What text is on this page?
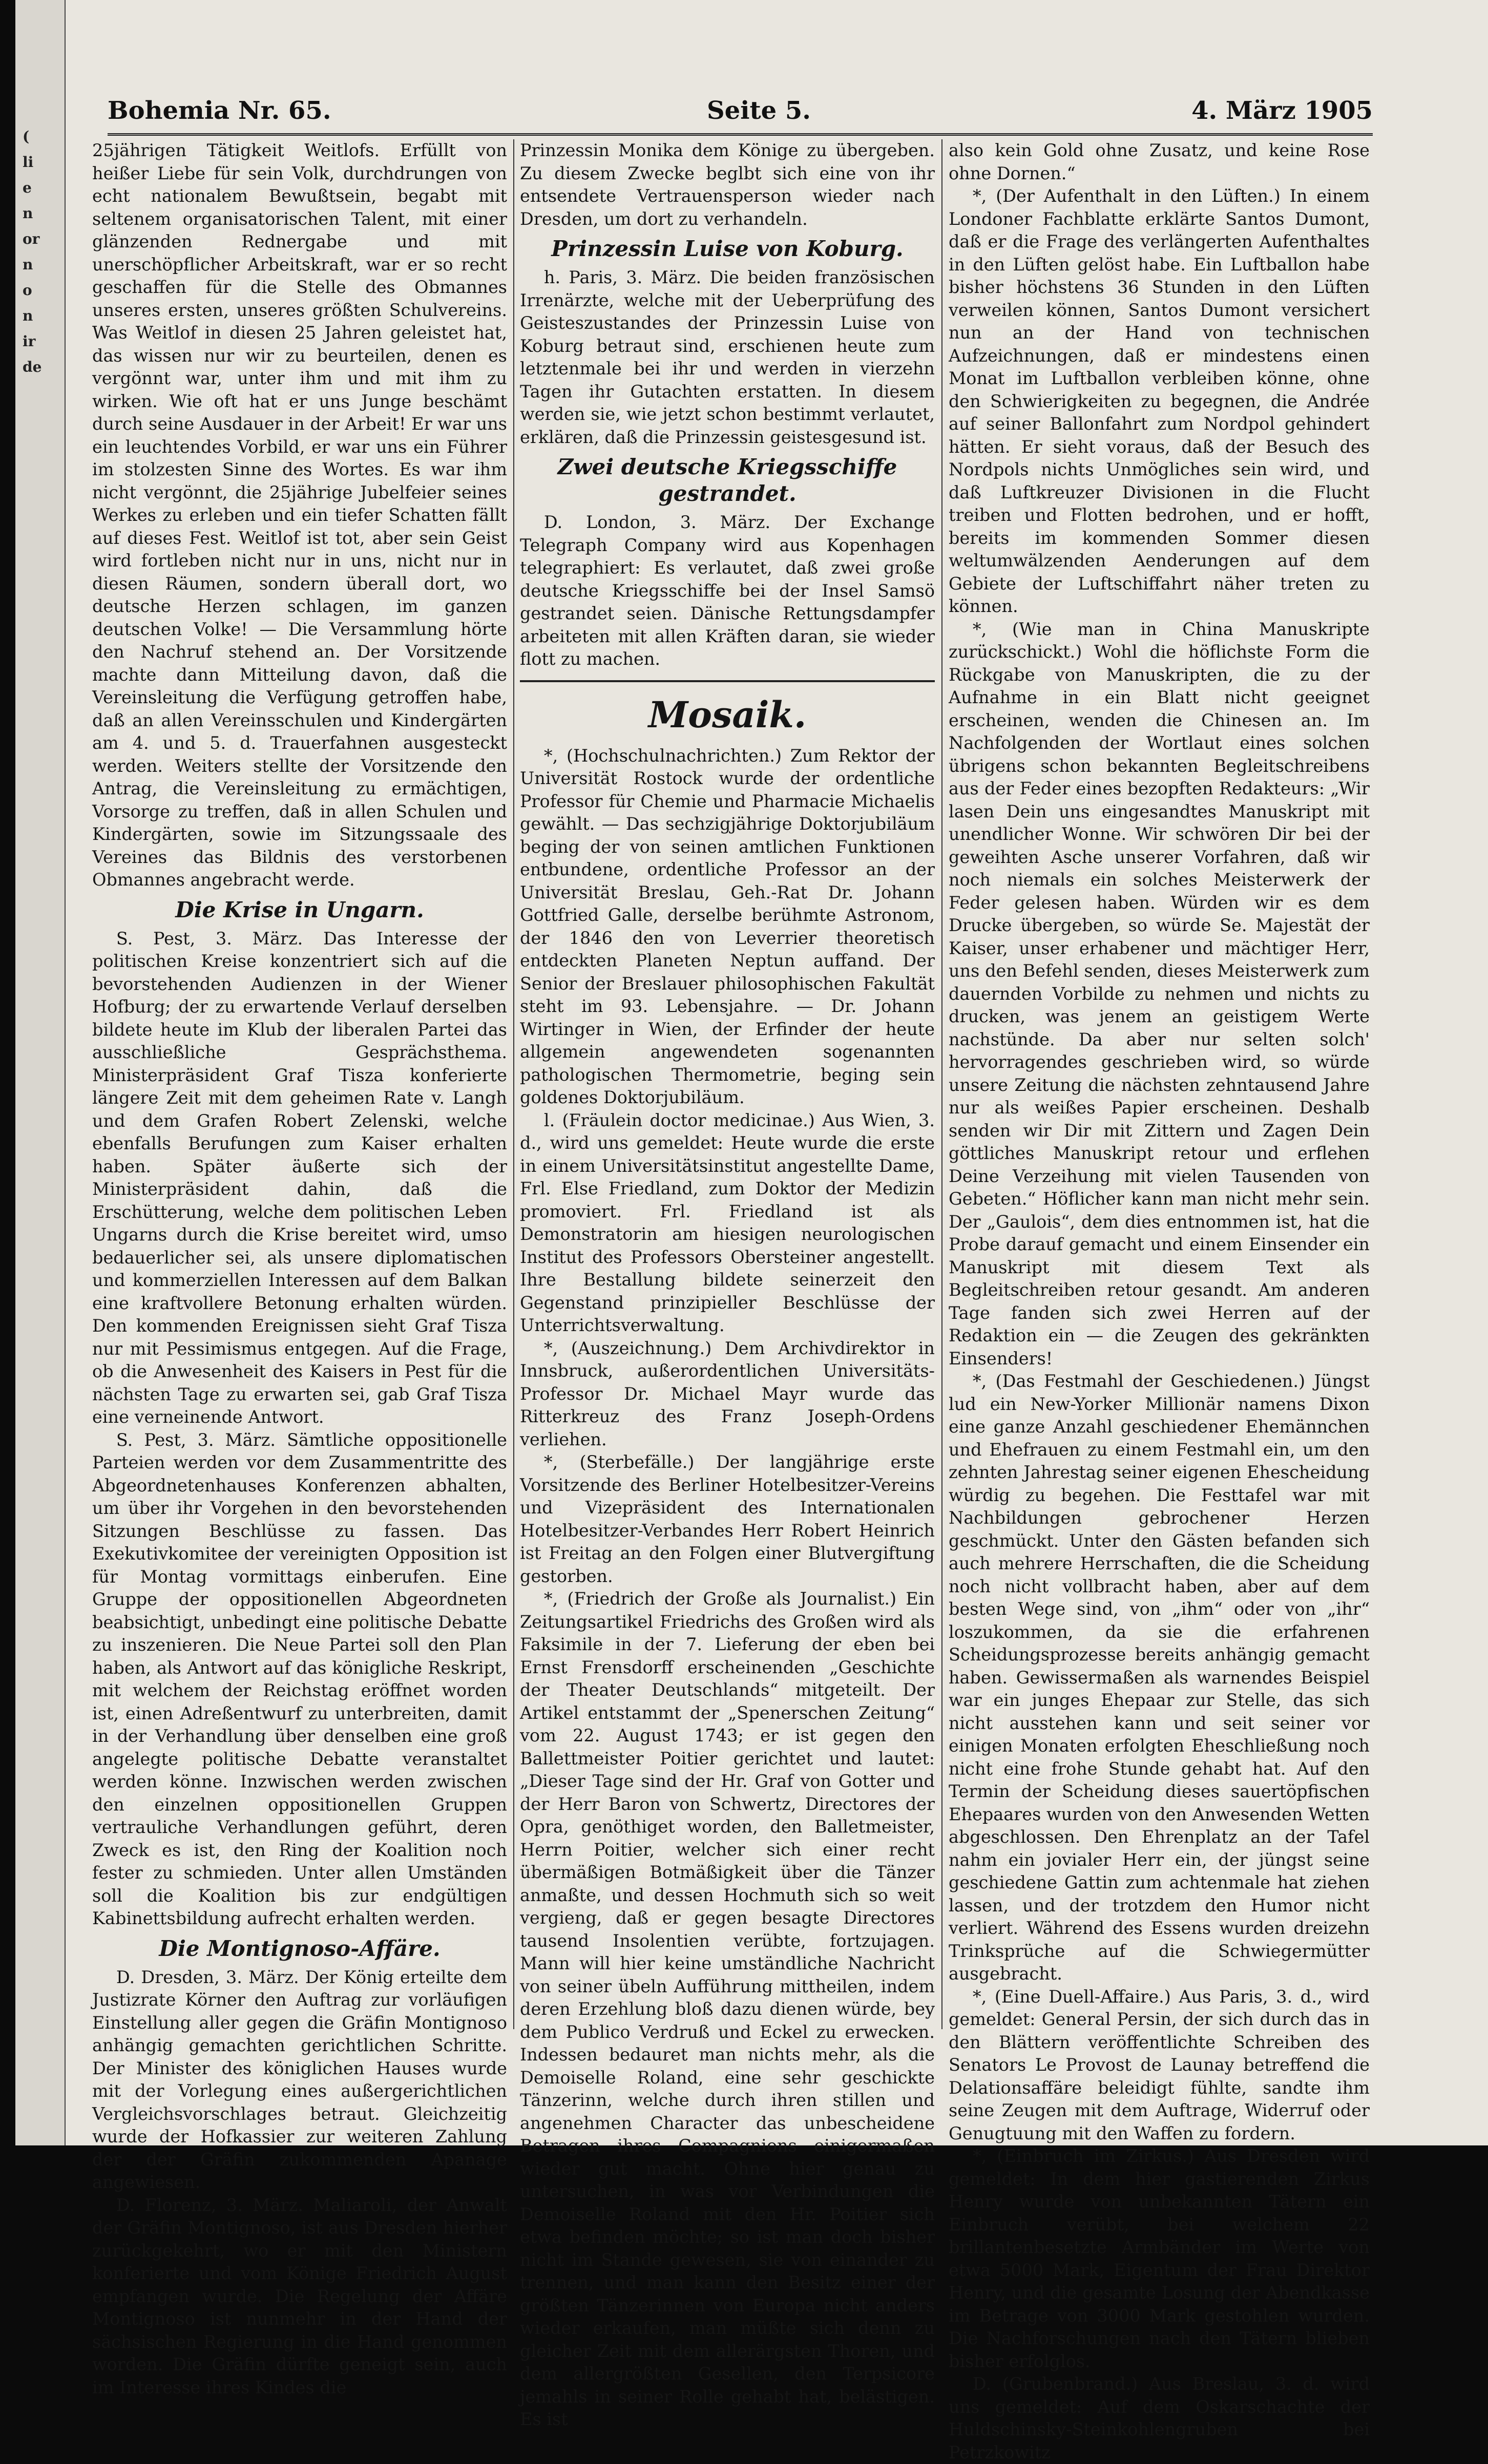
(
li
e
n
or
n
o
n
ir
de
Bohemia Nr. 65.	Seite 5.	4. März 1905

25jährigen Tätigkeit Weitlofs. Erfüllt von heißer Liebe für sein Volk, durchdrungen von echt nationalem Bewußtsein, begabt mit seltenem organisatorischen Talent, mit einer glänzenden Rednergabe und mit unerschöpflicher Arbeitskraft, war er so recht geschaffen für die Stelle des Obmannes unseres ersten, unseres größten Schulvereins. Was Weitlof in diesen 25 Jahren geleistet hat, das wissen nur wir zu beurteilen, denen es vergönnt war, unter ihm und mit ihm zu wirken. Wie oft hat er uns Junge beschämt durch seine Ausdauer in der Arbeit! Er war uns ein leuchtendes Vorbild, er war uns ein Führer im stolzesten Sinne des Wortes. Es war ihm nicht vergönnt, die 25jährige Jubelfeier seines Werkes zu erleben und ein tiefer Schatten fällt auf dieses Fest. Weitlof ist tot, aber sein Geist wird fortleben nicht nur in uns, nicht nur in diesen Räumen, sondern überall dort, wo deutsche Herzen schlagen, im ganzen deutschen Volke! — Die Versammlung hörte den Nachruf stehend an. Der Vorsitzende machte dann Mitteilung davon, daß die Vereinsleitung die Verfügung getroffen habe, daß an allen Vereinsschulen und Kindergärten am 4. und 5. d. Trauerfahnen ausgesteckt werden. Weiters stellte der Vorsitzende den Antrag, die Vereinsleitung zu ermächtigen, Vorsorge zu treffen, daß in allen Schulen und Kindergärten, sowie im Sitzungssaale des Vereines das Bildnis des verstorbenen Obmannes angebracht werde.

Die Krise in Ungarn.

S. Pest, 3. März. Das Interesse der politischen Kreise konzentriert sich auf die bevorstehenden Audienzen in der Wiener Hofburg; der zu erwartende Verlauf derselben bildete heute im Klub der liberalen Partei das ausschließliche Gesprächsthema. Ministerpräsident Graf Tisza konferierte längere Zeit mit dem geheimen Rate v. Langh und dem Grafen Robert Zelenski, welche ebenfalls Berufungen zum Kaiser erhalten haben. Später äußerte sich der Ministerpräsident dahin, daß die Erschütterung, welche dem politischen Leben Ungarns durch die Krise bereitet wird, umso bedauerlicher sei, als unsere diplomatischen und kommerziellen Interessen auf dem Balkan eine kraftvollere Betonung erhalten würden. Den kommenden Ereignissen sieht Graf Tisza nur mit Pessimismus entgegen. Auf die Frage, ob die Anwesenheit des Kaisers in Pest für die nächsten Tage zu erwarten sei, gab Graf Tisza eine verneinende Antwort.

S. Pest, 3. März. Sämtliche oppositionelle Parteien werden vor dem Zusammentritte des Abgeordnetenhauses Konferenzen abhalten, um über ihr Vorgehen in den bevorstehenden Sitzungen Beschlüsse zu fassen. Das Exekutivkomitee der vereinigten Opposition ist für Montag vormittags einberufen. Eine Gruppe der oppositionellen Abgeordneten beabsichtigt, unbedingt eine politische Debatte zu inszenieren. Die Neue Partei soll den Plan haben, als Antwort auf das königliche Reskript, mit welchem der Reichstag eröffnet worden ist, einen Adreßentwurf zu unterbreiten, damit in der Verhandlung über denselben eine groß angelegte politische Debatte veranstaltet werden könne. Inzwischen werden zwischen den einzelnen oppositionellen Gruppen vertrauliche Verhandlungen geführt, deren Zweck es ist, den Ring der Koalition noch fester zu schmieden. Unter allen Umständen soll die Koalition bis zur endgültigen Kabinettsbildung aufrecht erhalten werden.

Die Montignoso-Affäre.

D. Dresden, 3. März. Der König erteilte dem Justizrate Körner den Auftrag zur vorläufigen Einstellung aller gegen die Gräfin Montignoso anhängig gemachten gerichtlichen Schritte. Der Minister des königlichen Hauses wurde mit der Vorlegung eines außergerichtlichen Vergleichsvorschlages betraut. Gleichzeitig wurde der Hofkassier zur weiteren Zahlung der der Gräfin zukommenden Apanage angewiesen.

D. Florenz, 3. März. Maliaroli, der Anwalt der Gräfin Montignoso, ist aus Dresden hierher zurückgekehrt, wo er mit den Ministern konferierte und vom Könige Friedrich August empfangen wurde. Die Regelung der Affäre Montignoso ist nunmehr in der Hand der sächsischen Regierung in die Hand genommen worden. Die Gräfin dürfte geneigt sein, auch im Interesse ihres Kindes die

Prinzessin Monika dem Könige zu übergeben. Zu diesem Zwecke beglbt sich eine von ihr entsendete Vertrauensperson wieder nach Dresden, um dort zu verhandeln.

Prinzessin Luise von Koburg.

h. Paris, 3. März. Die beiden französischen Irrenärzte, welche mit der Ueberprüfung des Geisteszustandes der Prinzessin Luise von Koburg betraut sind, erschienen heute zum letztenmale bei ihr und werden in vierzehn Tagen ihr Gutachten erstatten. In diesem werden sie, wie jetzt schon bestimmt verlautet, erklären, daß die Prinzessin geistesgesund ist.

Zwei deutsche Kriegsschiffe gestrandet.

D. London, 3. März. Der Exchange Telegraph Company wird aus Kopenhagen telegraphiert: Es verlautet, daß zwei große deutsche Kriegsschiffe bei der Insel Samsö gestrandet seien. Dänische Rettungsdampfer arbeiteten mit allen Kräften daran, sie wieder flott zu machen.

Mosaik.

*, (Hochschulnachrichten.) Zum Rektor der Universität Rostock wurde der ordentliche Professor für Chemie und Pharmacie Michaelis gewählt. — Das sechzigjährige Doktorjubiläum beging der von seinen amtlichen Funktionen entbundene, ordentliche Professor an der Universität Breslau, Geh.-Rat Dr. Johann Gottfried Galle, derselbe berühmte Astronom, der 1846 den von Leverrier theoretisch entdeckten Planeten Neptun auffand. Der Senior der Breslauer philosophischen Fakultät steht im 93. Lebensjahre. — Dr. Johann Wirtinger in Wien, der Erfinder der heute allgemein angewendeten sogenannten pathologischen Thermometrie, beging sein goldenes Doktorjubiläum.

l. (Fräulein doctor medicinae.) Aus Wien, 3. d., wird uns gemeldet: Heute wurde die erste in einem Universitätsinstitut angestellte Dame, Frl. Else Friedland, zum Doktor der Medizin promoviert. Frl. Friedland ist als Demonstratorin am hiesigen neurologischen Institut des Professors Obersteiner angestellt. Ihre Bestallung bildete seinerzeit den Gegenstand prinzipieller Beschlüsse der Unterrichtsverwaltung.

*, (Auszeichnung.) Dem Archivdirektor in Innsbruck, außerordentlichen Universitäts-Professor Dr. Michael Mayr wurde das Ritterkreuz des Franz Joseph-Ordens verliehen.

*, (Sterbefälle.) Der langjährige erste Vorsitzende des Berliner Hotelbesitzer-Vereins und Vizepräsident des Internationalen Hotelbesitzer-Verbandes Herr Robert Heinrich ist Freitag an den Folgen einer Blutvergiftung gestorben.

*, (Friedrich der Große als Journalist.) Ein Zeitungsartikel Friedrichs des Großen wird als Faksimile in der 7. Lieferung der eben bei Ernst Frensdorff erscheinenden „Geschichte der Theater Deutschlands“ mitgeteilt. Der Artikel entstammt der „Spenerschen Zeitung“ vom 22. August 1743; er ist gegen den Ballettmeister Poitier gerichtet und lautet: „Dieser Tage sind der Hr. Graf von Gotter und der Herr Baron von Schwertz, Directores der Opra, genöthiget worden, den Balletmeister, Herrn Poitier, welcher sich einer recht übermäßigen Botmäßigkeit über die Tänzer anmaßte, und dessen Hochmuth sich so weit vergieng, daß er gegen besagte Directores tausend Insolentien verübte, fortzujagen. Mann will hier keine umständliche Nachricht von seiner übeln Aufführung mittheilen, indem deren Erzehlung bloß dazu dienen würde, bey dem Publico Verdruß und Eckel zu erwecken. Indessen bedauret man nichts mehr, als die Demoiselle Roland, eine sehr geschickte Tänzerinn, welche durch ihren stillen und angenehmen Character das unbescheidene Betragen ihres Compagnions einigermaßen wieder gut macht. Ohne hier genau zu untersuchen, in was vor Verbindungen die Demoiselle Roland mit den Hr. Poitier sich etwa befinden möchte; so ist man doch bisher nicht im Stande gewesen, sie von einander zu trennen, und man kann den Besitz einer der größten Tänzerinnen von Europa nicht anders wieder erkaufen, man müßte sich denn zu gleicher Zeit mit dem allerärgsten Thoren, und dem allergrößten Gesellen, den Terpsicore jemahls in seiner Rolle gehabt hat, belästigen. Es ist

also kein Gold ohne Zusatz, und keine Rose ohne Dornen.“

*, (Der Aufenthalt in den Lüften.) In einem Londoner Fachblatte erklärte Santos Dumont, daß er die Frage des verlängerten Aufenthaltes in den Lüften gelöst habe. Ein Luftballon habe bisher höchstens 36 Stunden in den Lüften verweilen können, Santos Dumont versichert nun an der Hand von technischen Aufzeichnungen, daß er mindestens einen Monat im Luftballon verbleiben könne, ohne den Schwierigkeiten zu begegnen, die Andrée auf seiner Ballonfahrt zum Nordpol gehindert hätten. Er sieht voraus, daß der Besuch des Nordpols nichts Unmögliches sein wird, und daß Luftkreuzer Divisionen in die Flucht treiben und Flotten bedrohen, und er hofft, bereits im kommenden Sommer diesen weltumwälzenden Aenderungen auf dem Gebiete der Luftschiffahrt näher treten zu können.

*, (Wie man in China Manuskripte zurückschickt.) Wohl die höflichste Form die Rückgabe von Manuskripten, die zu der Aufnahme in ein Blatt nicht geeignet erscheinen, wenden die Chinesen an. Im Nachfolgenden der Wortlaut eines solchen übrigens schon bekannten Begleitschreibens aus der Feder eines bezopften Redakteurs: „Wir lasen Dein uns eingesandtes Manuskript mit unendlicher Wonne. Wir schwören Dir bei der geweihten Asche unserer Vorfahren, daß wir noch niemals ein solches Meisterwerk der Feder gelesen haben. Würden wir es dem Drucke übergeben, so würde Se. Majestät der Kaiser, unser erhabener und mächtiger Herr, uns den Befehl senden, dieses Meisterwerk zum dauernden Vorbilde zu nehmen und nichts zu drucken, was jenem an geistigem Werte nachstünde. Da aber nur selten solch' hervorragendes geschrieben wird, so würde unsere Zeitung die nächsten zehntausend Jahre nur als weißes Papier erscheinen. Deshalb senden wir Dir mit Zittern und Zagen Dein göttliches Manuskript retour und erflehen Deine Verzeihung mit vielen Tausenden von Gebeten.“ Höflicher kann man nicht mehr sein. Der „Gaulois“, dem dies entnommen ist, hat die Probe darauf gemacht und einem Einsender ein Manuskript mit diesem Text als Begleitschreiben retour gesandt. Am anderen Tage fanden sich zwei Herren auf der Redaktion ein — die Zeugen des gekränkten Einsenders!

*, (Das Festmahl der Geschiedenen.) Jüngst lud ein New-Yorker Millionär namens Dixon eine ganze Anzahl geschiedener Ehemännchen und Ehefrauen zu einem Festmahl ein, um den zehnten Jahrestag seiner eigenen Ehescheidung würdig zu begehen. Die Festtafel war mit Nachbildungen gebrochener Herzen geschmückt. Unter den Gästen befanden sich auch mehrere Herrschaften, die die Scheidung noch nicht vollbracht haben, aber auf dem besten Wege sind, von „ihm“ oder von „ihr“ loszukommen, da sie die erfahrenen Scheidungsprozesse bereits anhängig gemacht haben. Gewissermaßen als warnendes Beispiel war ein junges Ehepaar zur Stelle, das sich nicht ausstehen kann und seit seiner vor einigen Monaten erfolgten Eheschließung noch nicht eine frohe Stunde gehabt hat. Auf den Termin der Scheidung dieses sauertöpfischen Ehepaares wurden von den Anwesenden Wetten abgeschlossen. Den Ehrenplatz an der Tafel nahm ein jovialer Herr ein, der jüngst seine geschiedene Gattin zum achtenmale hat ziehen lassen, und der trotzdem den Humor nicht verliert. Während des Essens wurden dreizehn Trinksprüche auf die Schwiegermütter ausgebracht.

*, (Eine Duell-Affaire.) Aus Paris, 3. d., wird gemeldet: General Persin, der sich durch das in den Blättern veröffentlichte Schreiben des Senators Le Provost de Launay betreffend die Delationsaffäre beleidigt fühlte, sandte ihm seine Zeugen mit dem Auftrage, Widerruf oder Genugtuung mit den Waffen zu fordern.

*, (Einbruch im Zirkus.) Aus Dresden wird gemeldet: In dem hier gastierenden Zirkus Henry wurde von unbekannten Tätern ein Einbruch verübt, bei welchem 22 brillantenbesetzte Armbänder im Werte von etwa 5000 Mark, Eigentum der Frau Direktor Henry, und die gesamte Losung der Abendkasse im Betrage von 3000 Mark gestohlen wurden. Die Nachforschungen nach den Tätern blieben bisher erfolglos.

D. (Grubenbrand.) Aus Breslau, 3. d. wird uns gemeldet: Auf dem Oskarschachte der Huldschinsky-Steinkohlengruben bei Petrzkowitz
